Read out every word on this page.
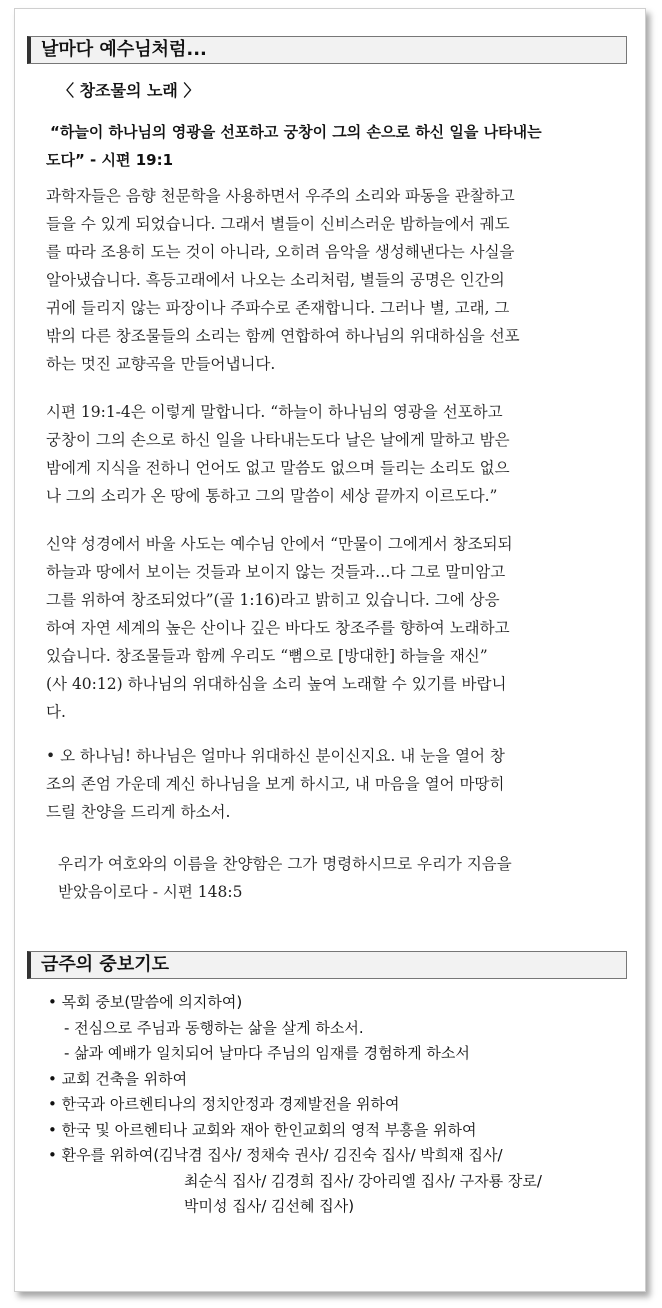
날마다 예수님처럼...
〈 창조물의 노래 〉
“하늘이 하나님의 영광을 선포하고 궁창이 그의 손으로 하신 일을 나타내는
도다” - 시편 19:1
과학자들은 음향 천문학을 사용하면서 우주의 소리와 파동을 관찰하고
들을 수 있게 되었습니다. 그래서 별들이 신비스러운 밤하늘에서 궤도
를 따라 조용히 도는 것이 아니라, 오히려 음악을 생성해낸다는 사실을
알아냈습니다. 흑등고래에서 나오는 소리처럼, 별들의 공명은 인간의
귀에 들리지 않는 파장이나 주파수로 존재합니다. 그러나 별, 고래, 그
밖의 다른 창조물들의 소리는 함께 연합하여 하나님의 위대하심을 선포
하는 멋진 교향곡을 만들어냅니다.
시편 19:1-4은 이렇게 말합니다. “하늘이 하나님의 영광을 선포하고
궁창이 그의 손으로 하신 일을 나타내는도다 날은 날에게 말하고 밤은
밤에게 지식을 전하니 언어도 없고 말씀도 없으며 들리는 소리도 없으
나 그의 소리가 온 땅에 통하고 그의 말씀이 세상 끝까지 이르도다.”
신약 성경에서 바울 사도는 예수님 안에서 “만물이 그에게서 창조되되
하늘과 땅에서 보이는 것들과 보이지 않는 것들과…다 그로 말미암고
그를 위하여 창조되었다”(골 1:16)라고 밝히고 있습니다. 그에 상응
하여 자연 세계의 높은 산이나 깊은 바다도 창조주를 향하여 노래하고
있습니다. 창조물들과 함께 우리도 “뼘으로 [방대한] 하늘을 재신”
(사 40:12) 하나님의 위대하심을 소리 높여 노래할 수 있기를 바랍니
다.
• 오 하나님! 하나님은 얼마나 위대하신 분이신지요. 내 눈을 열어 창
조의 존엄 가운데 계신 하나님을 보게 하시고, 내 마음을 열어 마땅히
드릴 찬양을 드리게 하소서.
우리가 여호와의 이름을 찬양함은 그가 명령하시므로 우리가 지음을
받았음이로다 - 시편 148:5
금주의 중보기도
• 목회 중보(말씀에 의지하여)
- 전심으로 주님과 동행하는 삶을 살게 하소서.
- 삶과 예배가 일치되어 날마다 주님의 임재를 경험하게 하소서
• 교회 건축을 위하여
• 한국과 아르헨티나의 정치안정과 경제발전을 위하여
• 한국 및 아르헨티나 교회와 재아 한인교회의 영적 부흥을 위하여
• 환우를 위하여(김낙겸 집사/ 정채숙 권사/ 김진숙 집사/ 박희재 집사/
최순식 집사/ 김경희 집사/ 강아리엘 집사/ 구자룡 장로/
박미성 집사/ 김선혜 집사)
